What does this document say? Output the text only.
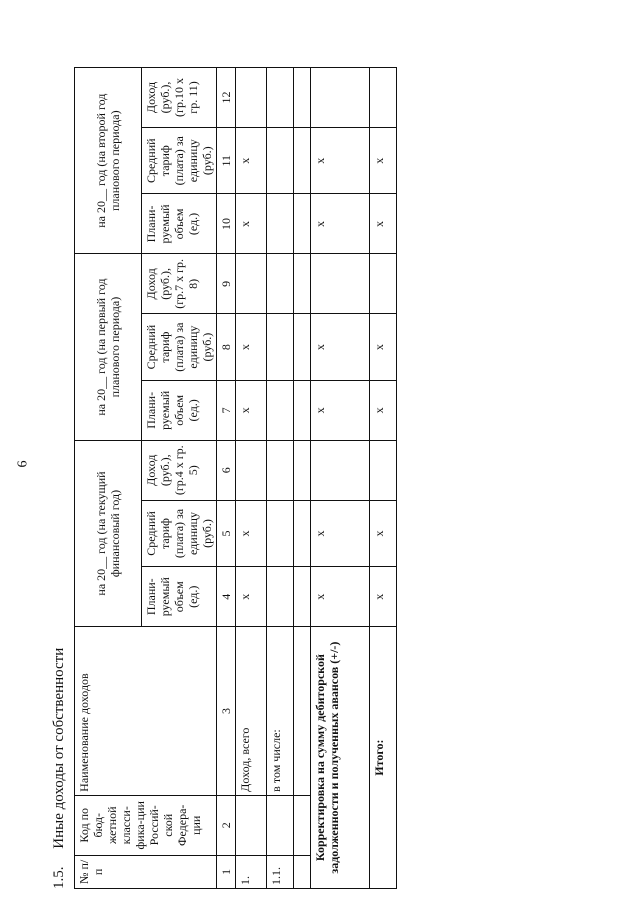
6
1.5. Иные доходы от собственности
№ п/п	Код по бюд-жетной класси-фика-ции Россий-ской Федера-ции	Наименование доходов	на 20__ год (на текущий финансовый год)			на 20__ год (на первый год планового периода)			на 20__ год (на второй год планового периода)		
			Плани-руемый объем (ед.)	Средний тариф (плата) за единицу (руб.)	Доход (руб.), (гр.4 х гр. 5)	Плани-руемый объем (ед.)	Средний тариф (плата) за единицу (руб.)	Доход (руб.), (гр.7 х гр. 8)	Плани-руемый объем (ед.)	Средний тариф (плата) за единицу (руб.)	Доход (руб.), (гр.10 х гр. 11)
1	2	3	4	5	6	7	8	9	10	11	12
1.		Доход, всего	x	x		x	x		x	x	
1.1.		в том числе:									

Корректировка на сумму дебиторской задолженности и полученных авансов (+/-)			x	x		x	x		x	x	
Итого:			x	x		x	x		x	x	
